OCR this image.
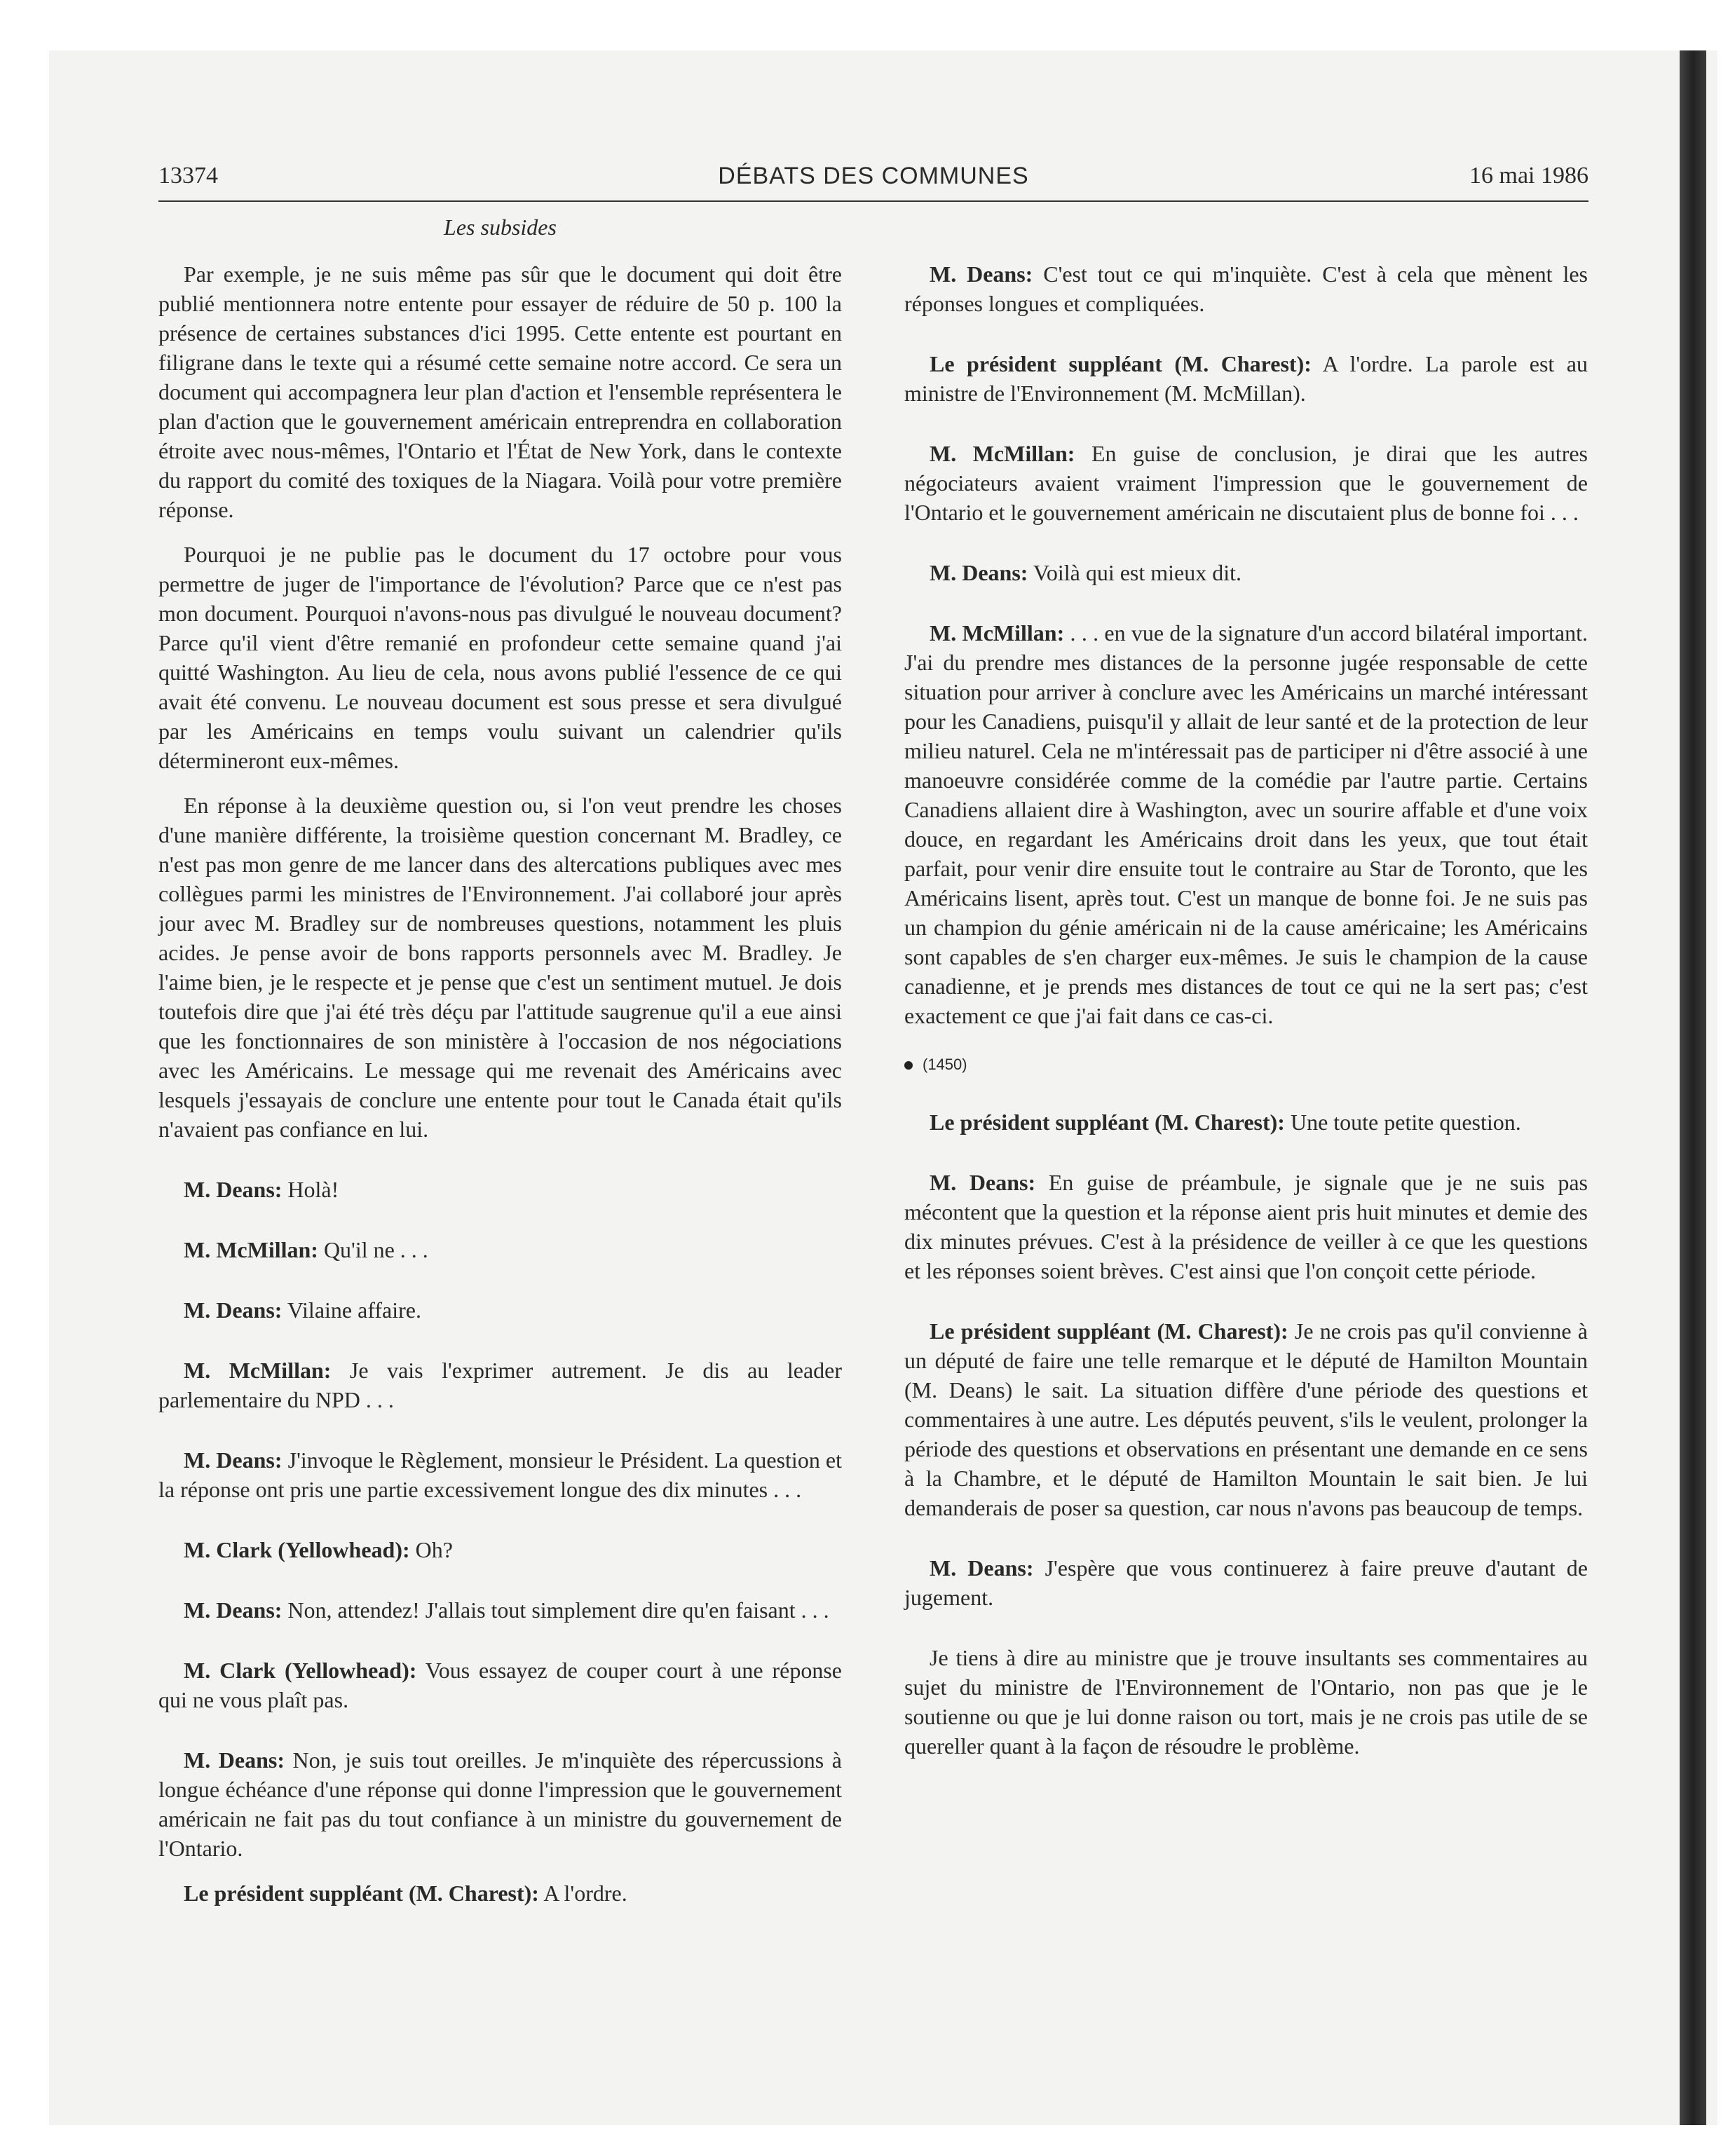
13374	DÉBATS DES COMMUNES	16 mai 1986
Les subsides

Par exemple, je ne suis même pas sûr que le document qui doit être publié mentionnera notre entente pour essayer de réduire de 50 p. 100 la présence de certaines substances d'ici 1995. Cette entente est pourtant en filigrane dans le texte qui a résumé cette semaine notre accord. Ce sera un document qui accompagnera leur plan d'action et l'ensemble représentera le plan d'action que le gouvernement américain entreprendra en collaboration étroite avec nous-mêmes, l'Ontario et l'État de New York, dans le contexte du rapport du comité des toxiques de la Niagara. Voilà pour votre première réponse.

Pourquoi je ne publie pas le document du 17 octobre pour vous permettre de juger de l'importance de l'évolution? Parce que ce n'est pas mon document. Pourquoi n'avons-nous pas divulgué le nouveau document? Parce qu'il vient d'être remanié en profondeur cette semaine quand j'ai quitté Washington. Au lieu de cela, nous avons publié l'essence de ce qui avait été convenu. Le nouveau document est sous presse et sera divulgué par les Américains en temps voulu suivant un calendrier qu'ils détermineront eux-mêmes.

En réponse à la deuxième question ou, si l'on veut prendre les choses d'une manière différente, la troisième question concernant M. Bradley, ce n'est pas mon genre de me lancer dans des altercations publiques avec mes collègues parmi les ministres de l'Environnement. J'ai collaboré jour après jour avec M. Bradley sur de nombreuses questions, notamment les pluis acides. Je pense avoir de bons rapports personnels avec M. Bradley. Je l'aime bien, je le respecte et je pense que c'est un sentiment mutuel. Je dois toutefois dire que j'ai été très déçu par l'attitude saugrenue qu'il a eue ainsi que les fonctionnaires de son ministère à l'occasion de nos négociations avec les Américains. Le message qui me revenait des Américains avec lesquels j'essayais de conclure une entente pour tout le Canada était qu'ils n'avaient pas confiance en lui.

M. Deans: Holà!

M. McMillan: Qu'il ne . . .

M. Deans: Vilaine affaire.

M. McMillan: Je vais l'exprimer autrement. Je dis au leader parlementaire du NPD . . .

M. Deans: J'invoque le Règlement, monsieur le Président. La question et la réponse ont pris une partie excessivement longue des dix minutes . . .

M. Clark (Yellowhead): Oh?

M. Deans: Non, attendez! J'allais tout simplement dire qu'en faisant . . .

M. Clark (Yellowhead): Vous essayez de couper court à une réponse qui ne vous plaît pas.

M. Deans: Non, je suis tout oreilles. Je m'inquiète des répercussions à longue échéance d'une réponse qui donne l'impression que le gouvernement américain ne fait pas du tout confiance à un ministre du gouvernement de l'Ontario.

Le président suppléant (M. Charest): A l'ordre.

M. Deans: C'est tout ce qui m'inquiète. C'est à cela que mènent les réponses longues et compliquées.

Le président suppléant (M. Charest): A l'ordre. La parole est au ministre de l'Environnement (M. McMillan).

M. McMillan: En guise de conclusion, je dirai que les autres négociateurs avaient vraiment l'impression que le gouvernement de l'Ontario et le gouvernement américain ne discutaient plus de bonne foi . . .

M. Deans: Voilà qui est mieux dit.

M. McMillan: . . . en vue de la signature d'un accord bilatéral important. J'ai du prendre mes distances de la personne jugée responsable de cette situation pour arriver à conclure avec les Américains un marché intéressant pour les Canadiens, puisqu'il y allait de leur santé et de la protection de leur milieu naturel. Cela ne m'intéressait pas de participer ni d'être associé à une manoeuvre considérée comme de la comédie par l'autre partie. Certains Canadiens allaient dire à Washington, avec un sourire affable et d'une voix douce, en regardant les Américains droit dans les yeux, que tout était parfait, pour venir dire ensuite tout le contraire au Star de Toronto, que les Américains lisent, après tout. C'est un manque de bonne foi. Je ne suis pas un champion du génie américain ni de la cause américaine; les Américains sont capables de s'en charger eux-mêmes. Je suis le champion de la cause canadienne, et je prends mes distances de tout ce qui ne la sert pas; c'est exactement ce que j'ai fait dans ce cas-ci.

(1450)

Le président suppléant (M. Charest): Une toute petite question.

M. Deans: En guise de préambule, je signale que je ne suis pas mécontent que la question et la réponse aient pris huit minutes et demie des dix minutes prévues. C'est à la présidence de veiller à ce que les questions et les réponses soient brèves. C'est ainsi que l'on conçoit cette période.

Le président suppléant (M. Charest): Je ne crois pas qu'il convienne à un député de faire une telle remarque et le député de Hamilton Mountain (M. Deans) le sait. La situation diffère d'une période des questions et commentaires à une autre. Les députés peuvent, s'ils le veulent, prolonger la période des questions et observations en présentant une demande en ce sens à la Chambre, et le député de Hamilton Mountain le sait bien. Je lui demanderais de poser sa question, car nous n'avons pas beaucoup de temps.

M. Deans: J'espère que vous continuerez à faire preuve d'autant de jugement.

Je tiens à dire au ministre que je trouve insultants ses commentaires au sujet du ministre de l'Environnement de l'Ontario, non pas que je le soutienne ou que je lui donne raison ou tort, mais je ne crois pas utile de se quereller quant à la façon de résoudre le problème.
